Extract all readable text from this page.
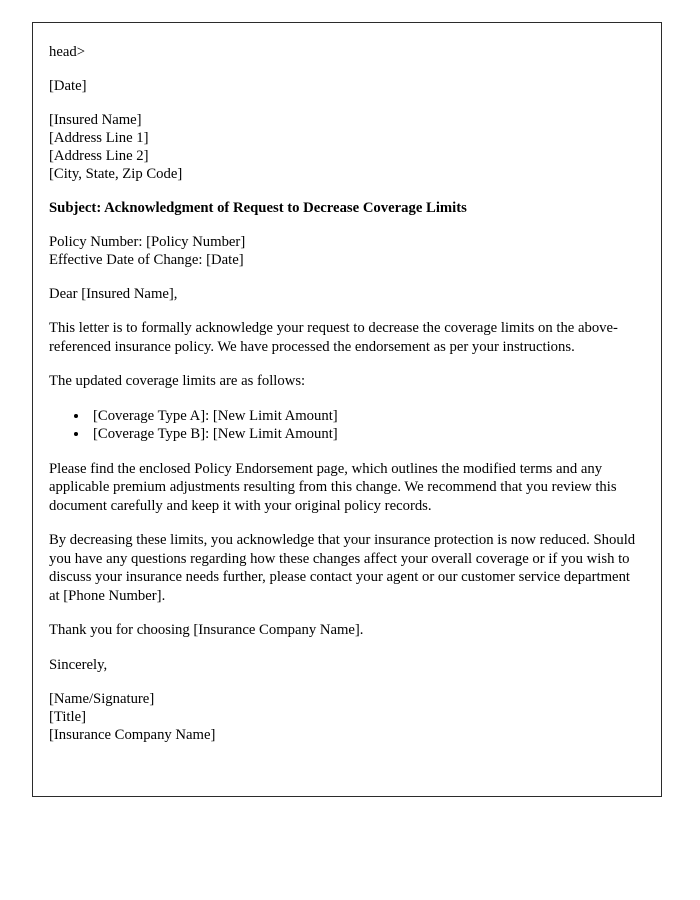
head>
[Date]
[Insured Name]
[Address Line 1]
[Address Line 2]
[City, State, Zip Code]
Subject: Acknowledgment of Request to Decrease Coverage Limits
Policy Number: [Policy Number]
Effective Date of Change: [Date]
Dear [Insured Name],
This letter is to formally acknowledge your request to decrease the coverage limits on the above-referenced insurance policy. We have processed the endorsement as per your instructions.
The updated coverage limits are as follows:
• [Coverage Type A]: [New Limit Amount]
• [Coverage Type B]: [New Limit Amount]
Please find the enclosed Policy Endorsement page, which outlines the modified terms and any applicable premium adjustments resulting from this change. We recommend that you review this document carefully and keep it with your original policy records.
By decreasing these limits, you acknowledge that your insurance protection is now reduced. Should you have any questions regarding how these changes affect your overall coverage or if you wish to discuss your insurance needs further, please contact your agent or our customer service department at [Phone Number].
Thank you for choosing [Insurance Company Name].
Sincerely,
[Name/Signature]
[Title]
[Insurance Company Name]
